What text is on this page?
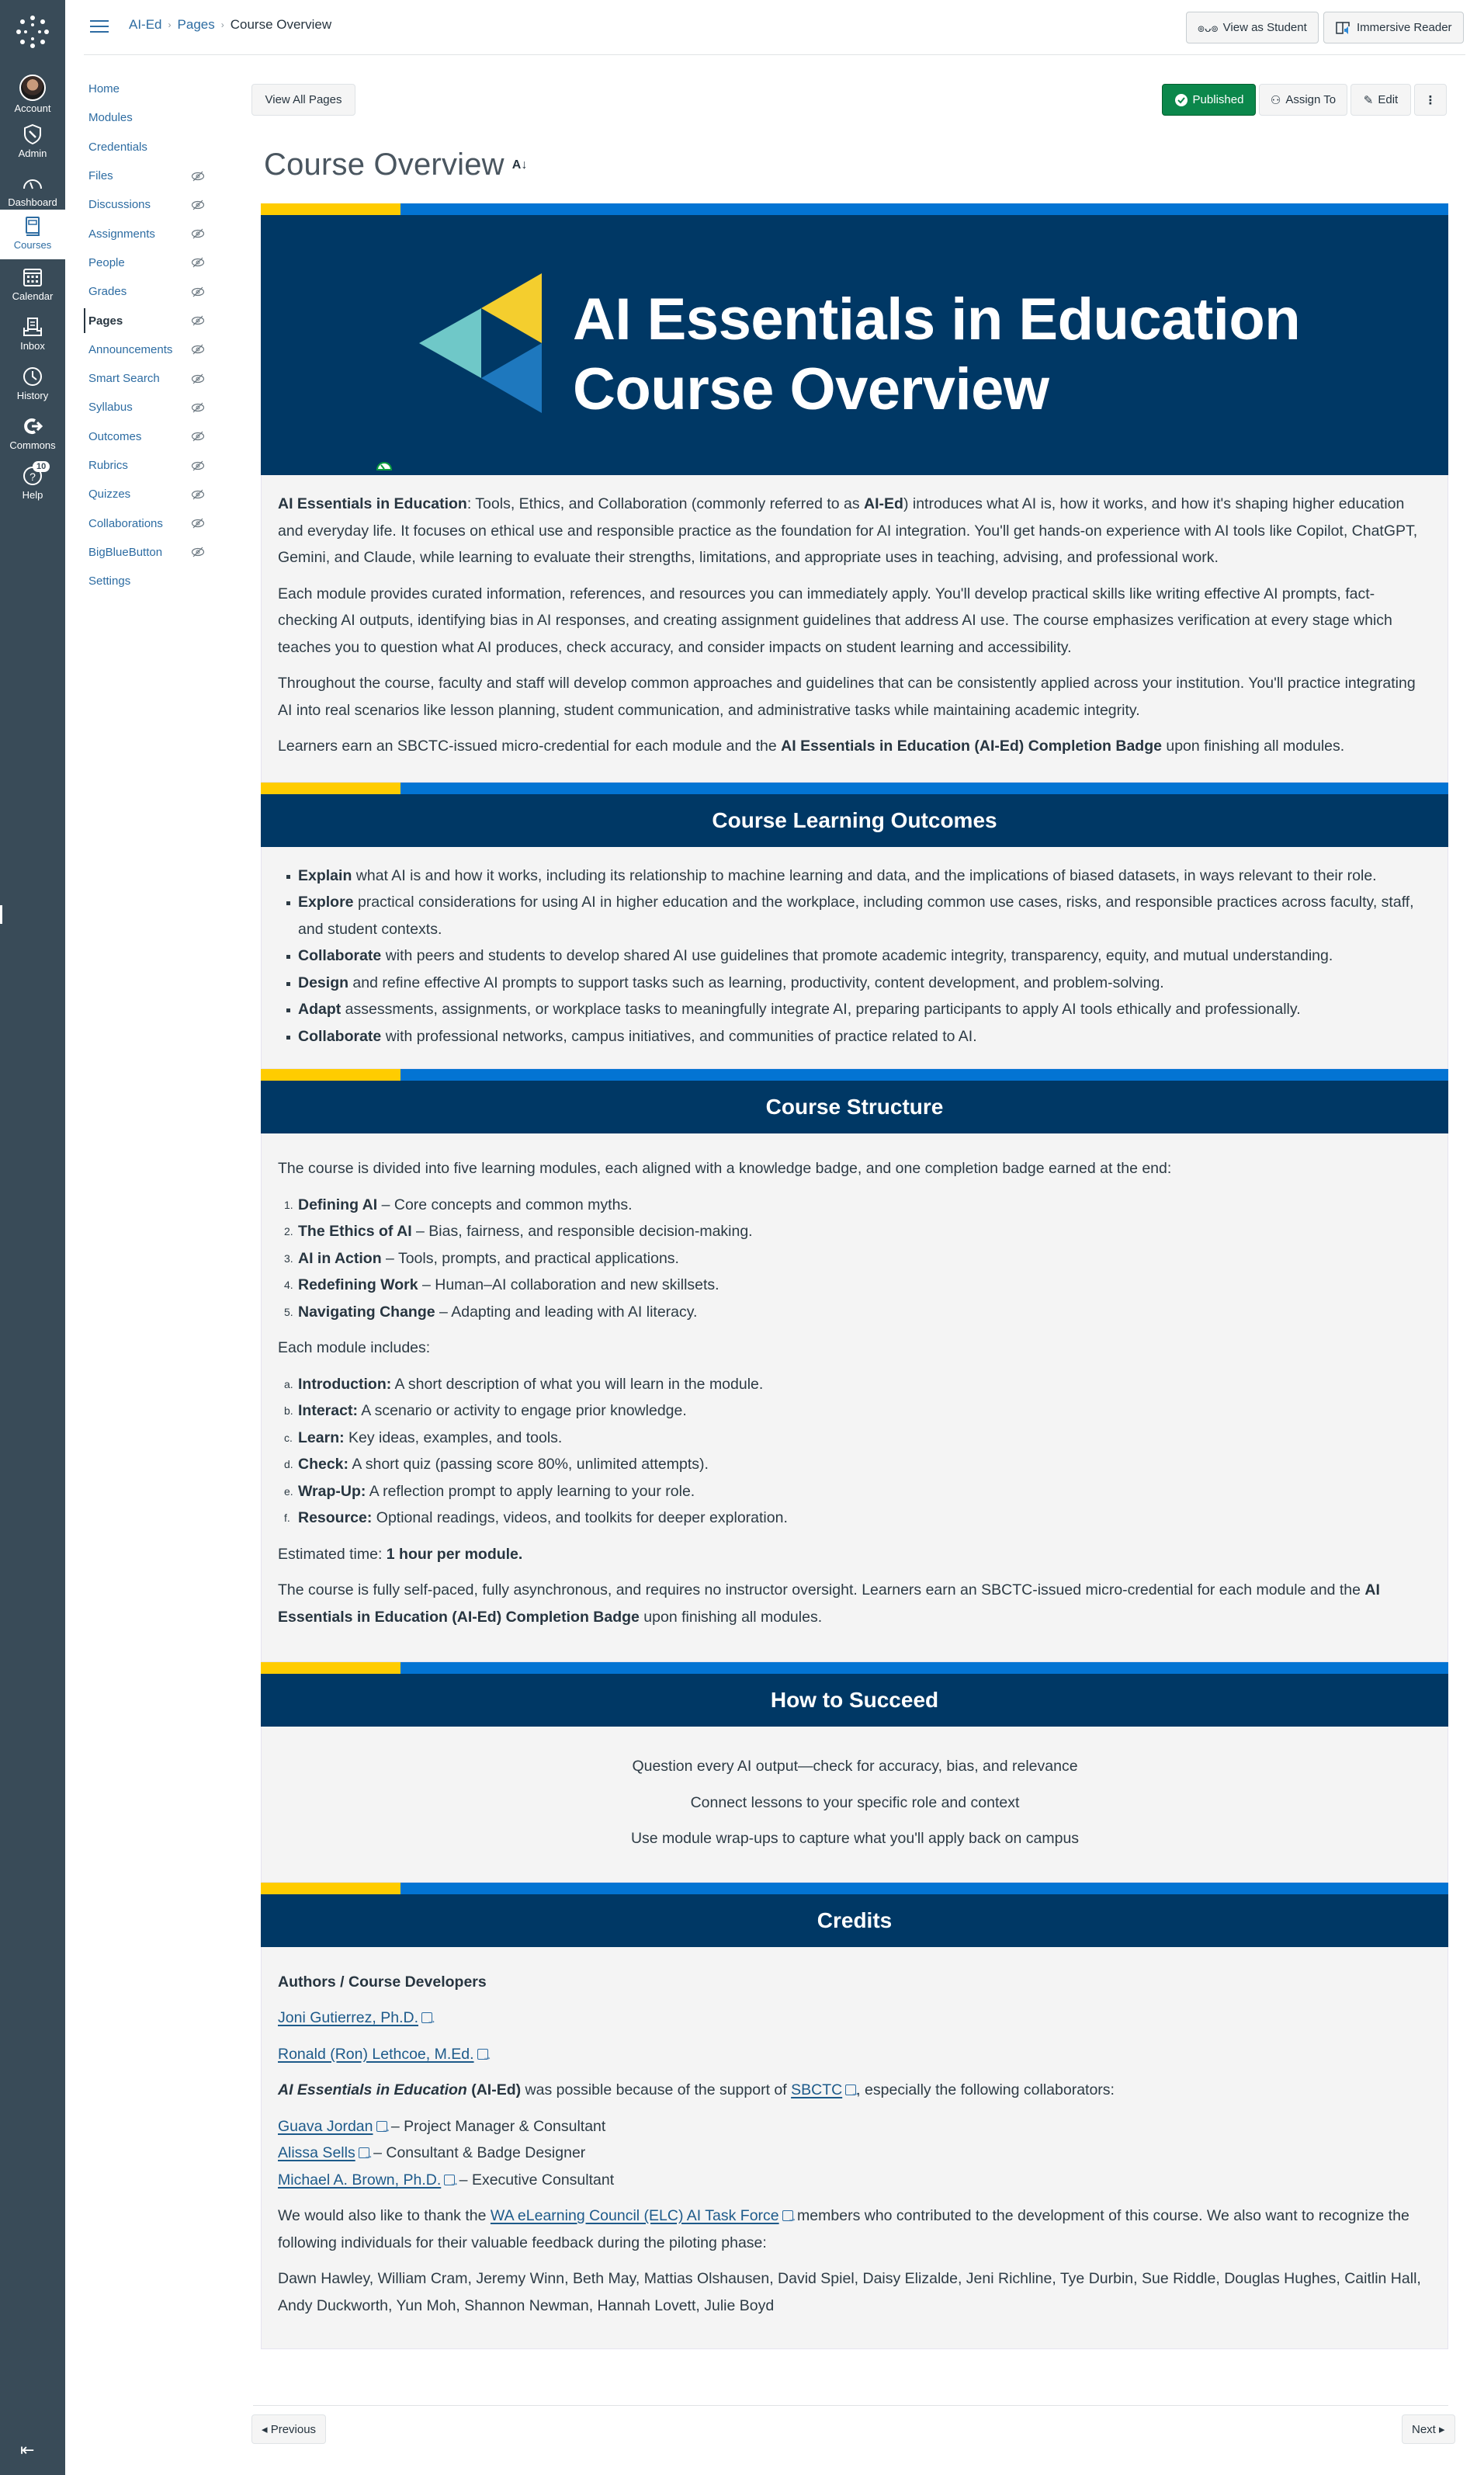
Account
Admin
Dashboard
Courses
Calendar
Inbox
History
Commons
?
10
Help
⇤
AI-Ed › Pages › Course Overview	๏ᴗ๏ View as Student	Immersive Reader
Home
Modules
Credentials
Files
Discussions
Assignments
People
Grades
Pages
Announcements
Smart Search
Syllabus
Outcomes
Rubrics
Quizzes
Collaborations
BigBlueButton
Settings
View All Pages	Published ⚇ Assign To ✎ Edit ⋮
Course Overview A↓
AI Essentials in Education
Course Overview

AI Essentials in Education: Tools, Ethics, and Collaboration (commonly referred to as AI-Ed) introduces what AI is, how it works, and how it's shaping higher education and everyday life. It focuses on ethical use and responsible practice as the foundation for AI integration. You'll get hands-on experience with AI tools like Copilot, ChatGPT, Gemini, and Claude, while learning to evaluate their strengths, limitations, and appropriate uses in teaching, advising, and professional work.

Each module provides curated information, references, and resources you can immediately apply. You'll develop practical skills like writing effective AI prompts, fact-checking AI outputs, identifying bias in AI responses, and creating assignment guidelines that address AI use. The course emphasizes verification at every stage which teaches you to question what AI produces, check accuracy, and consider impacts on student learning and accessibility.

Throughout the course, faculty and staff will develop common approaches and guidelines that can be consistently applied across your institution. You'll practice integrating AI into real scenarios like lesson planning, student communication, and administrative tasks while maintaining academic integrity.

Learners earn an SBCTC-issued micro-credential for each module and the AI Essentials in Education (AI-Ed) Completion Badge upon finishing all modules.

Course Learning Outcomes
Explain what AI is and how it works, including its relationship to machine learning and data, and the implications of biased datasets, in ways relevant to their role.
Explore practical considerations for using AI in higher education and the workplace, including common use cases, risks, and responsible practices across faculty, staff, and student contexts.
Collaborate with peers and students to develop shared AI use guidelines that promote academic integrity, transparency, equity, and mutual understanding.
Design and refine effective AI prompts to support tasks such as learning, productivity, content development, and problem-solving.
Adapt assessments, assignments, or workplace tasks to meaningfully integrate AI, preparing participants to apply AI tools ethically and professionally.
Collaborate with professional networks, campus initiatives, and communities of practice related to AI.
Course Structure

The course is divided into five learning modules, each aligned with a knowledge badge, and one completion badge earned at the end:

1. Defining AI – Core concepts and common myths.
2. The Ethics of AI – Bias, fairness, and responsible decision-making.
3. AI in Action – Tools, prompts, and practical applications.
4. Redefining Work – Human–AI collaboration and new skillsets.
5. Navigating Change – Adapting and leading with AI literacy.

Each module includes:

a. Introduction: A short description of what you will learn in the module.
b. Interact: A scenario or activity to engage prior knowledge.
c. Learn: Key ideas, examples, and tools.
d. Check: A short quiz (passing score 80%, unlimited attempts).
e. Wrap-Up: A reflection prompt to apply learning to your role.
f. Resource: Optional readings, videos, and toolkits for deeper exploration.

Estimated time: 1 hour per module.

The course is fully self-paced, fully asynchronous, and requires no instructor oversight. Learners earn an SBCTC-issued micro-credential for each module and the AI Essentials in Education (AI-Ed) Completion Badge upon finishing all modules.

How to Succeed

Question every AI output—check for accuracy, bias, and relevance

Connect lessons to your specific role and context

Use module wrap-ups to capture what you'll apply back on campus

Credits

Authors / Course Developers

Joni Gutierrez, Ph.D.→

Ronald (Ron) Lethcoe, M.Ed.→

AI Essentials in Education (AI-Ed) was possible because of the support of SBCTC → , especially the following collaborators:

Guava Jordan→ – Project Manager & Consultant
Alissa Sells→ – Consultant & Badge Designer
Michael A. Brown, Ph.D.→ – Executive Consultant

We would also like to thank the WA eLearning Council (ELC) AI Task Force→ members who contributed to the development of this course. We also want to recognize the following individuals for their valuable feedback during the piloting phase:

Dawn Hawley, William Cram, Jeremy Winn, Beth May, Mattias Olshausen, David Spiel, Daisy Elizalde, Jeni Richline, Tye Durbin, Sue Riddle, Douglas Hughes, Caitlin Hall, Andy Duckworth, Yun Moh, Shannon Newman, Hannah Lovett, Julie Boyd

◂ Previous	Next ▸
